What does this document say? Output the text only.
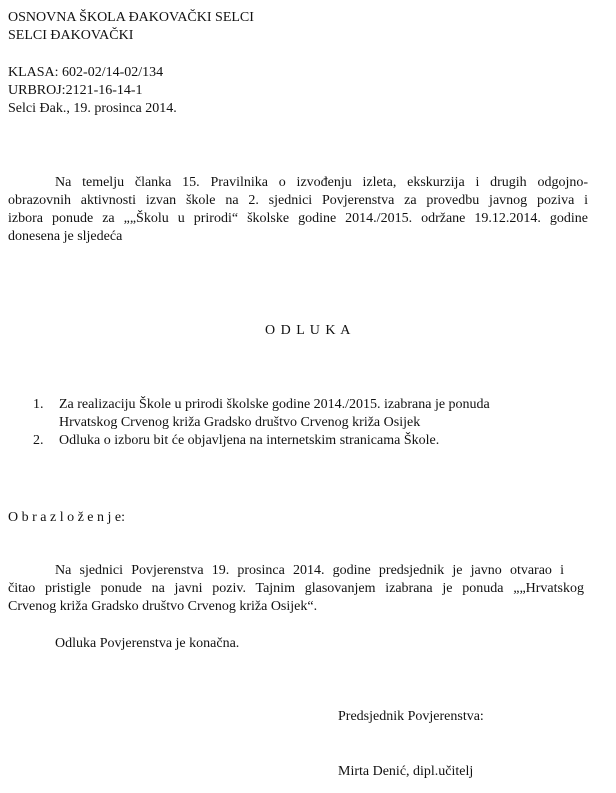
OSNOVNA ŠKOLA ĐAKOVAČKI SELCI
SELCI ĐAKOVAČKI
KLASA: 602-02/14-02/134
URBROJ:2121-16-14-1
Selci Đak., 19. prosinca 2014.
Na temelju članka 15. Pravilnika o izvođenju izleta, ekskurzija i drugih odgojno-
obrazovnih aktivnosti izvan škole na 2. sjednici Povjerenstva za provedbu javnog poziva i
izbora ponude za „„Školu u prirodi“ školske godine 2014./2015. održane 19.12.2014. godine
donesena je sljedeća
O D L U K A
1. Za realizaciju Škole u prirodi školske godine 2014./2015. izabrana je ponuda
Hrvatskog Crvenog križa Gradsko društvo Crvenog križa Osijek
2. Odluka o izboru bit će objavljena na internetskim stranicama Škole.
O b r a z l o ž e n j e:
Na sjednici Povjerenstva 19. prosinca 2014. godine predsjednik je javno otvarao i
čitao pristigle ponude na javni poziv. Tajnim glasovanjem izabrana je ponuda „„Hrvatskog
Crvenog križa Gradsko društvo Crvenog križa Osijek“.
Odluka Povjerenstva je konačna.
Predsjednik Povjerenstva:
Mirta Denić, dipl.učitelj
